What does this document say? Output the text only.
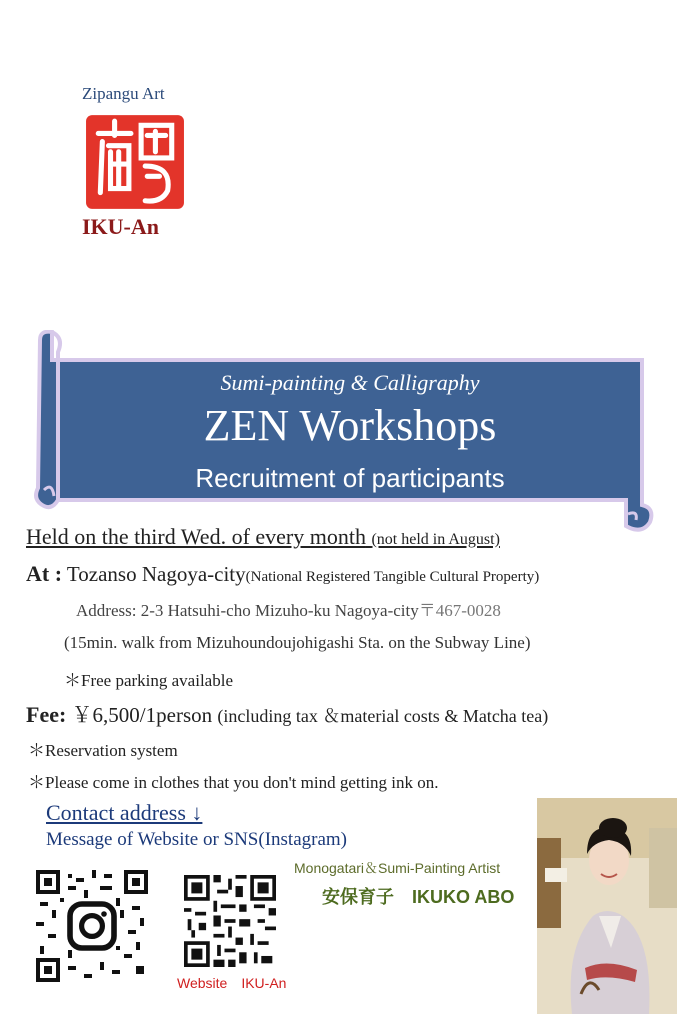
Zipangu Art
IKU-An
Sumi-painting & Calligraphy
ZEN Workshops
Recruitment of participants
Held on the third Wed. of every month (not held in August)
At : Tozanso Nagoya-city(National Registered Tangible Cultural Property)
Address: 2-3 Hatsuhi-cho Mizuho-ku Nagoya-city〒467-0028
(15min. walk from Mizuhoundoujohigashi Sta. on the Subway Line)
＊Free parking available
Fee: ￥6,500/1person (including tax ＆material costs & Matcha tea)
＊Reservation system
＊Please come in clothes that you don't mind getting ink on.
Contact address ↓
Message of Website or SNS(Instagram)
Monogatari＆Sumi-Painting Artist
安保育子　IKUKO ABO
Website　IKU-An
